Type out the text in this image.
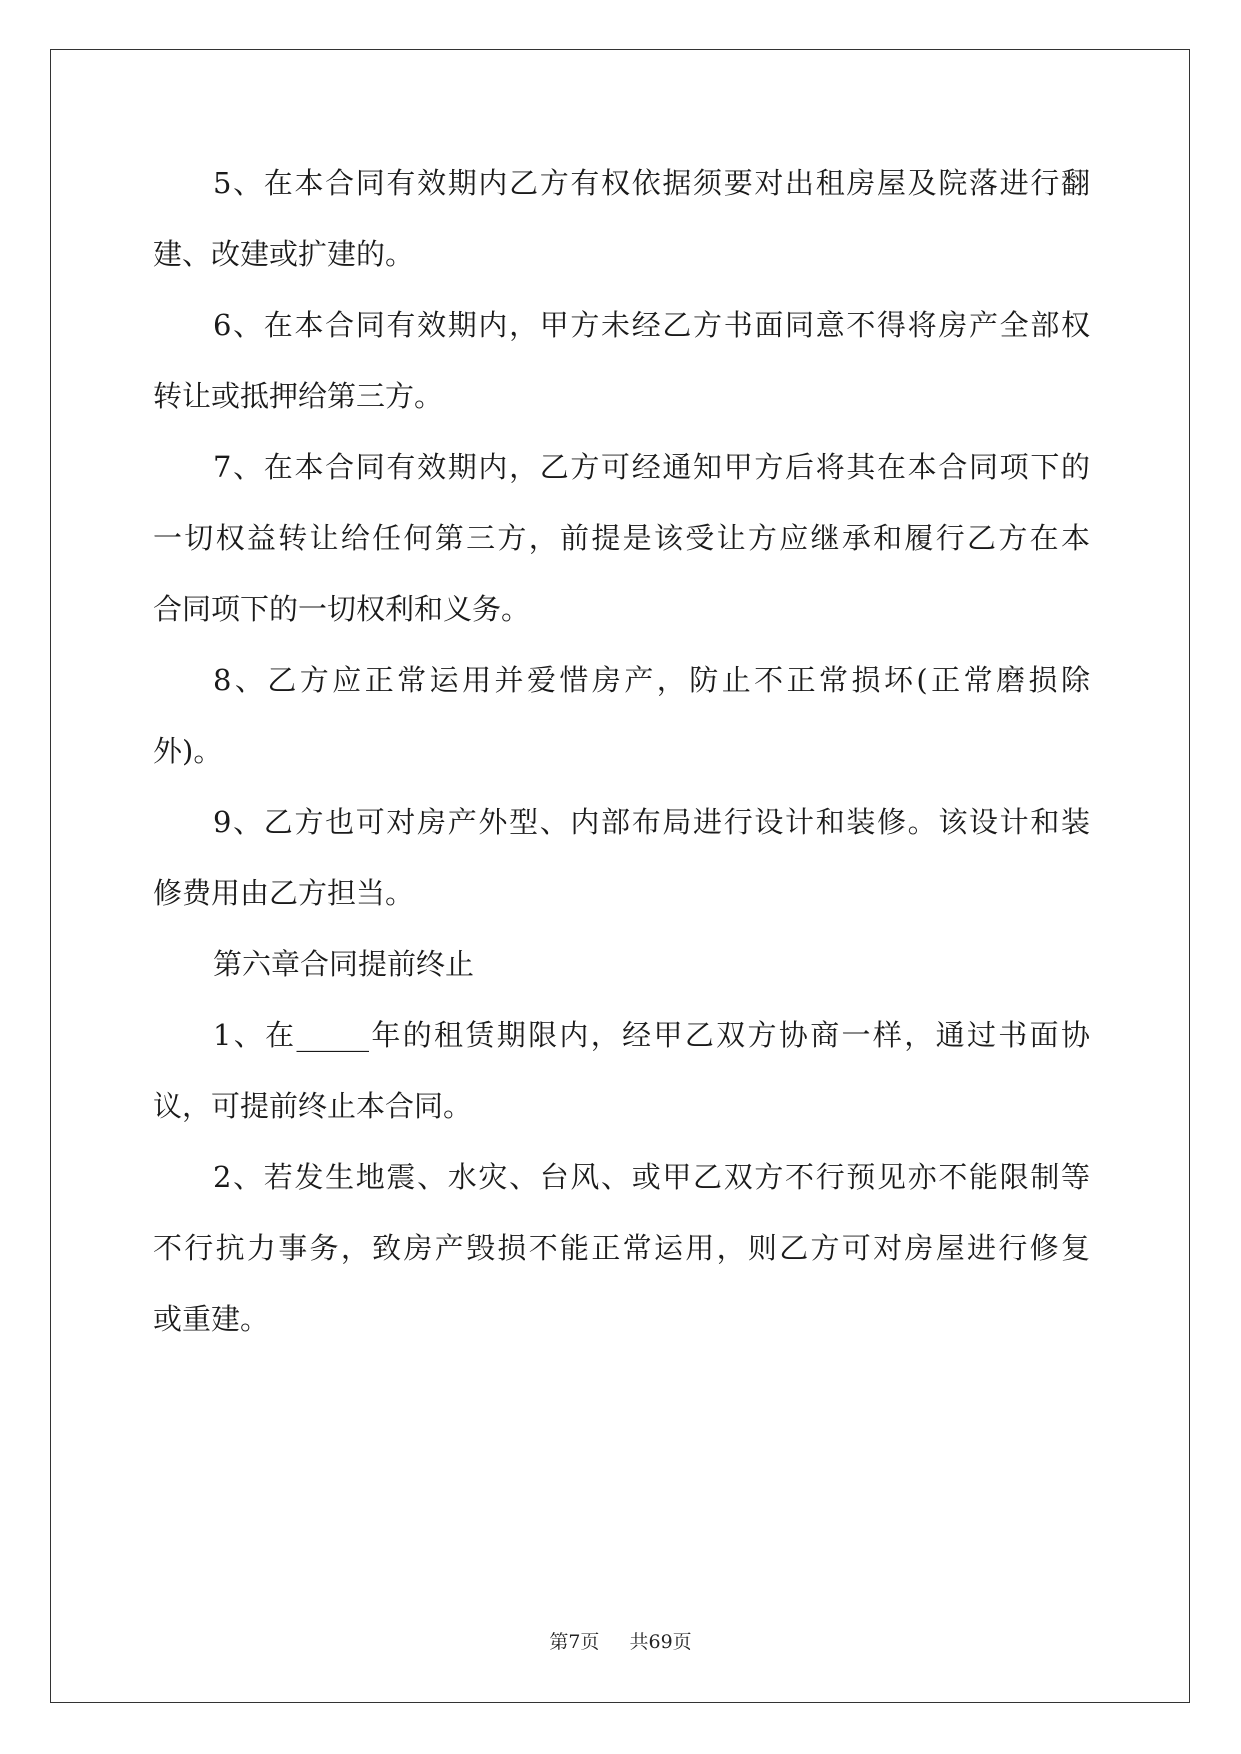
5、在本合同有效期内乙方有权依据须要对出租房屋及院落进行翻
建、改建或扩建的。
6、在本合同有效期内，甲方未经乙方书面同意不得将房产全部权
转让或抵押给第三方。
7、在本合同有效期内，乙方可经通知甲方后将其在本合同项下的
一切权益转让给任何第三方，前提是该受让方应继承和履行乙方在本
合同项下的一切权利和义务。
8、乙方应正常运用并爱惜房产，防止不正常损坏(正常磨损除
外)。
9、乙方也可对房产外型、内部布局进行设计和装修。该设计和装
修费用由乙方担当。
第六章合同提前终止
1、在_____年的租赁期限内，经甲乙双方协商一样，通过书面协
议，可提前终止本合同。
2、若发生地震、水灾、台风、或甲乙双方不行预见亦不能限制等
不行抗力事务，致房产毁损不能正常运用，则乙方可对房屋进行修复
或重建。
第7页 共69页
